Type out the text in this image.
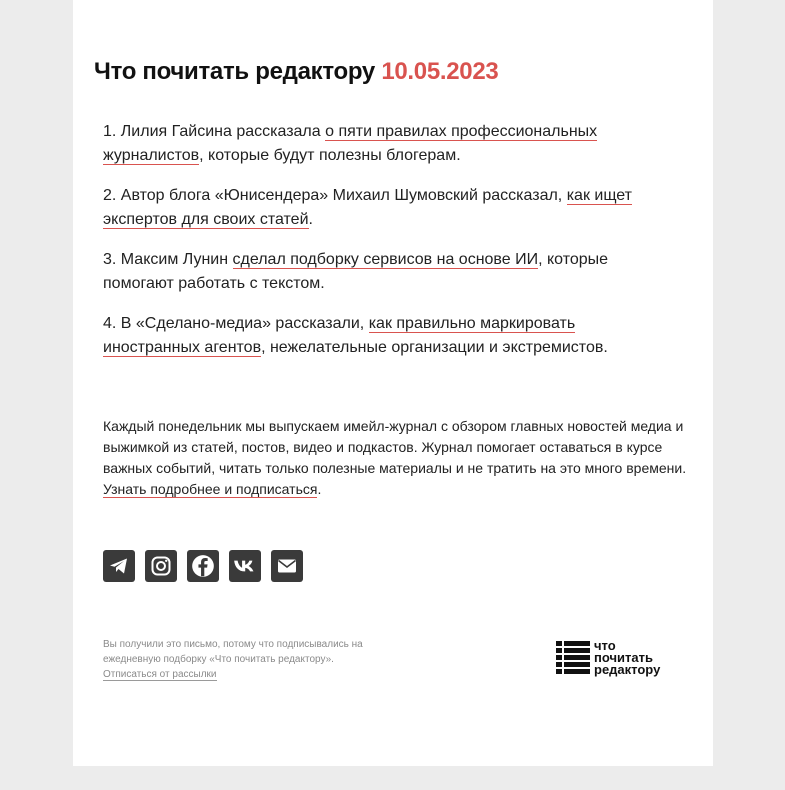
Что почитать редактору 10.05.2023

1. Лилия Гайсина рассказала о пяти правилах профессиональных журналистов, которые будут полезны блогерам.

2. Автор блога «Юнисендера» Михаил Шумовский рассказал, как ищет экспертов для своих статей.

3. Максим Лунин сделал подборку сервисов на основе ИИ, которые помогают работать с текстом.

4. В «Сделано-медиа» рассказали, как правильно маркировать иностранных агентов, нежелательные организации и экстремистов.

Каждый понедельник мы выпускаем имейл-журнал с обзором главных новостей медиа и выжимкой из статей, постов, видео и подкастов. Журнал помогает оставаться в курсе важных событий, читать только полезные материалы и не тратить на это много времени. Узнать подробнее и подписаться.
Вы получили это письмо, потому что подписывались на ежедневную подборку «Что почитать редактору».
Отписаться от рассылки
что
почитать
редактору
